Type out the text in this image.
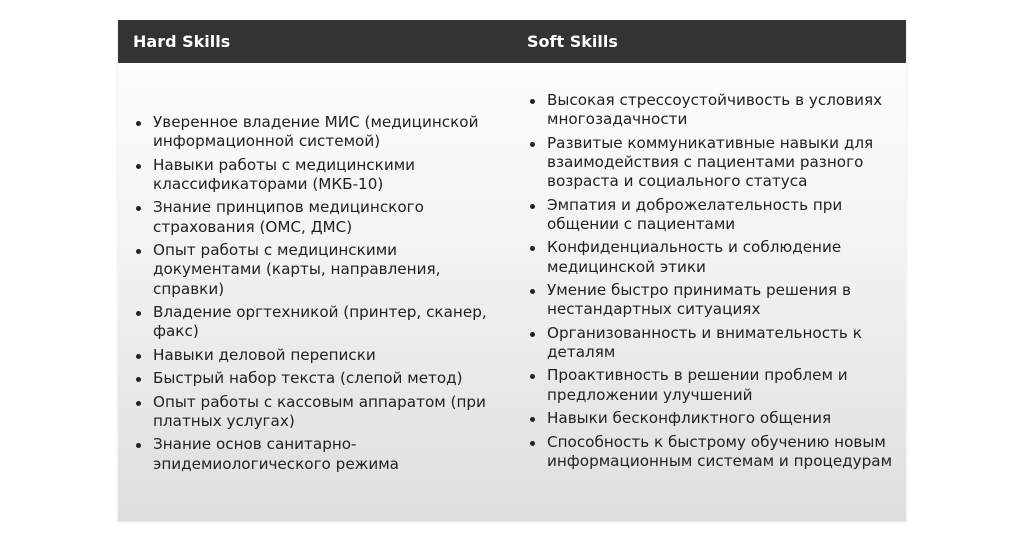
Hard Skills	Soft Skills
Уверенное владение МИС (медицинской информационной системой)
Навыки работы с медицинскими классификаторами (МКБ-10)
Знание принципов медицинского страхования (ОМС, ДМС)
Опыт работы с медицинскими документами (карты, направления, справки)
Владение оргтехникой (принтер, сканер, факс)
Навыки деловой переписки
Быстрый набор текста (слепой метод)
Опыт работы с кассовым аппаратом (при платных услугах)
Знание основ санитарно-эпидемиологического режима
Высокая стрессоустойчивость в условиях многозадачности
Развитые коммуникативные навыки для взаимодействия с пациентами разного возраста и социального статуса
Эмпатия и доброжелательность при общении с пациентами
Конфиденциальность и соблюдение медицинской этики
Умение быстро принимать решения в нестандартных ситуациях
Организованность и внимательность к деталям
Проактивность в решении проблем и предложении улучшений
Навыки бесконфликтного общения
Способность к быстрому обучению новым информационным системам и процедурам
